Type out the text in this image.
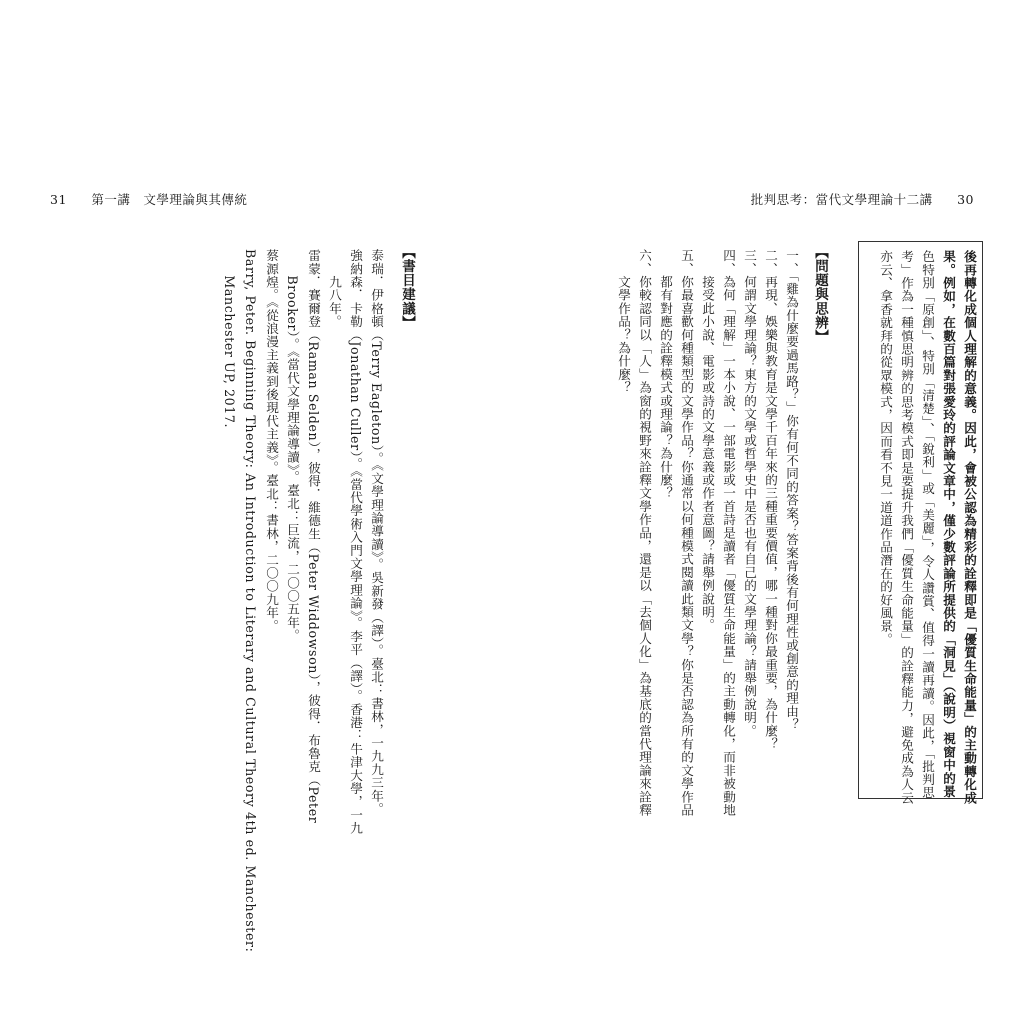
31 第一講　文學理論與其傳統	批判思考：當代文學理論十二講 30
後再轉化成個人理解的意義。因此，會被公認為精彩的詮釋即是「優質生命能量」的主動轉化成
果。例如，在數百篇對張愛玲的評論文章中，僅少數評論所提供的「洞見」（說明）視窗中的景
色特別「原創」、特別「清楚」、「銳利」或「美麗」，令人讚賞、值得一讀再讀。因此，「批判思
考」作為一種慎思明辨的思考模式即是要提升我們「優質生命能量」的詮釋能力，避免成為人云
亦云、拿香就拜的從眾模式，因而看不見一道道作品潛在的好風景。
【問題與思辨】
一、「雞為什麼要過馬路？」你有何不同的答案？答案背後有何理性或創意的理由？
二、再現、娛樂與教育是文學千百年來的三種重要價值，哪一種對你最重要，為什麼？
三、何謂文學理論？東方的文學或哲學史中是否也有自己的文學理論？請舉例說明。
四、為何「理解」一本小說、一部電影或一首詩是讀者「優質生命能量」的主動轉化，而非被動地
　　接受此小說、電影或詩的文學意義或作者意圖？請舉例說明。
五、你最喜歡何種類型的文學作品？你通常以何種模式閱讀此類文學？你是否認為所有的文學作品
　　都有對應的詮釋模式或理論？為什麼？
六、你較認同以「人」為窗的視野來詮釋文學作品，還是以「去個人化」為基底的當代理論來詮釋
　　文學作品？為什麼？
【書目建議】
泰瑞．伊格頓（Terry Eagleton）。《文學理論導讀》。吳新發（譯）。臺北：書林，一九九三年。
強納森．卡勒（Jonathan Culler）。《當代學術入門文學理論》。李平（譯）。香港：牛津大學，一九
　　九八年。
雷蒙．賽爾登（Raman Selden），彼得．維德生（Peter Widdowson），彼得．布魯克（Peter
　　Brooker）。《當代文學理論導讀》。臺北：巨流，二〇〇五年。
蔡源煌。《從浪漫主義到後現代主義》。臺北：書林，二〇〇九年。
Barry, Peter. Beginning Theory: An Introduction to Literary and Cultural Theory 4th ed. Manchester:
　　Manchester UP, 2017.
